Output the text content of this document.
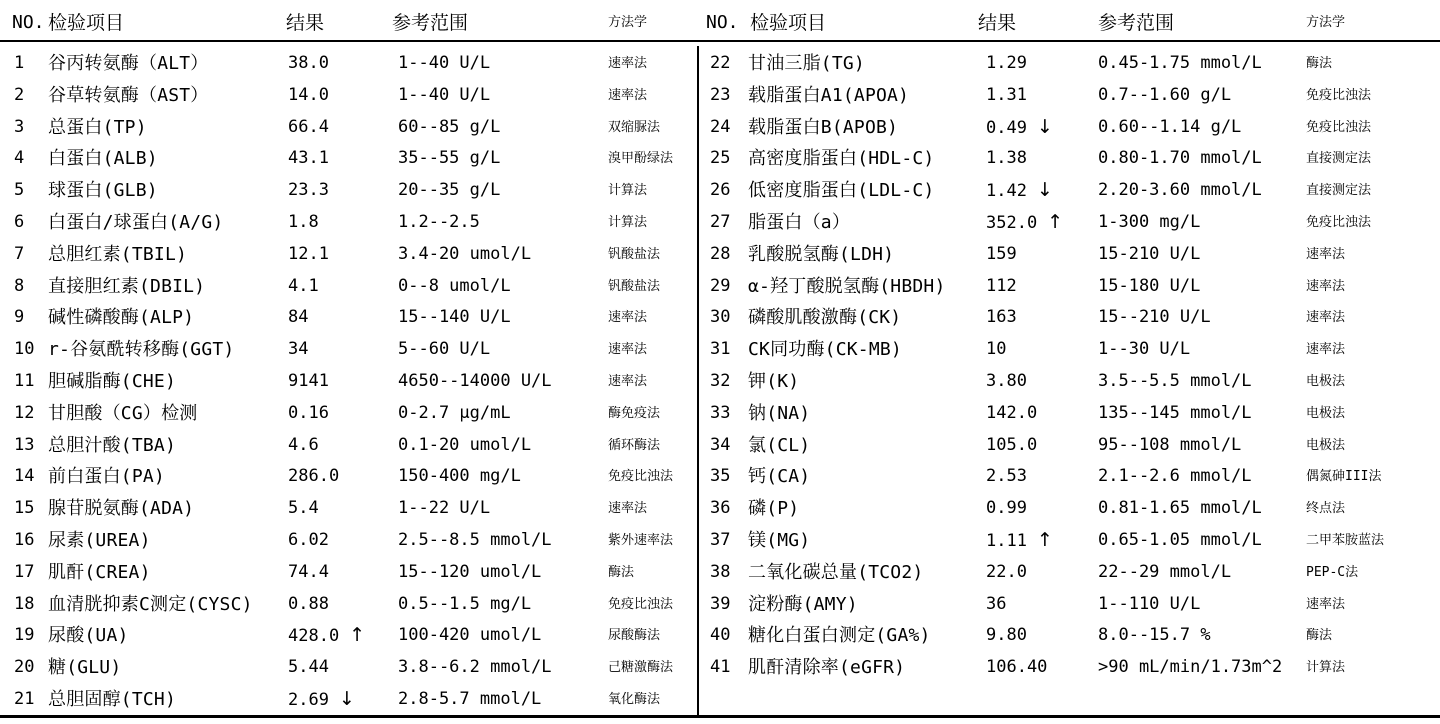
NO. 检验项目	结果	参考范围	方法学	NO. 检验项目	结果	参考范围	方法学
1 谷丙转氨酶（ALT）	38.0	1--40 U/L	速率法
2 谷草转氨酶（AST）	14.0	1--40 U/L	速率法
3 总蛋白(TP)	66.4	60--85 g/L	双缩脲法
4 白蛋白(ALB)	43.1	35--55 g/L	溴甲酚绿法
5 球蛋白(GLB)	23.3	20--35 g/L	计算法
6 白蛋白/球蛋白(A/G)	1.8	1.2--2.5	计算法
7 总胆红素(TBIL)	12.1	3.4-20 umol/L	钒酸盐法
8 直接胆红素(DBIL)	4.1	0--8 umol/L	钒酸盐法
9 碱性磷酸酶(ALP)	84	15--140 U/L	速率法
10 r-谷氨酰转移酶(GGT)	34	5--60 U/L	速率法
11 胆碱脂酶(CHE)	9141	4650--14000 U/L	速率法
12 甘胆酸（CG）检测	0.16	0-2.7 μg/mL	酶免疫法
13 总胆汁酸(TBA)	4.6	0.1-20 umol/L	循环酶法
14 前白蛋白(PA)	286.0	150-400 mg/L	免疫比浊法
15 腺苷脱氨酶(ADA)	5.4	1--22 U/L	速率法
16 尿素(UREA)	6.02	2.5--8.5 mmol/L	紫外速率法
17 肌酐(CREA)	74.4	15--120 umol/L	酶法
18 血清胱抑素C测定(CYSC) 0.88	0.5--1.5 mg/L	免疫比浊法
19 尿酸(UA)	428.0 ↑ 100-420 umol/L	尿酸酶法
20 糖(GLU)	5.44	3.8--6.2 mmol/L	己糖激酶法
21 总胆固醇(TCH)	2.69 ↓	2.8-5.7 mmol/L	氧化酶法
22 甘油三脂(TG)	1.29	0.45-1.75 mmol/L	酶法
23 载脂蛋白A1(APOA)	1.31	0.7--1.60 g/L	免疫比浊法
24 载脂蛋白B(APOB)	0.49 ↓	0.60--1.14 g/L	免疫比浊法
25 高密度脂蛋白(HDL-C)	1.38	0.80-1.70 mmol/L	直接测定法
26 低密度脂蛋白(LDL-C)	1.42 ↓	2.20-3.60 mmol/L	直接测定法
27 脂蛋白（a）	352.0 ↑ 1-300 mg/L	免疫比浊法
28 乳酸脱氢酶(LDH)	159	15-210 U/L	速率法
29 α-羟丁酸脱氢酶(HBDH) 112	15-180 U/L	速率法
30 磷酸肌酸激酶(CK)	163	15--210 U/L	速率法
31 CK同功酶(CK-MB)	10	1--30 U/L	速率法
32 钾(K)	3.80	3.5--5.5 mmol/L	电极法
33 钠(NA)	142.0	135--145 mmol/L	电极法
34 氯(CL)	105.0	95--108 mmol/L	电极法
35 钙(CA)	2.53	2.1--2.6 mmol/L	偶氮砷III法
36 磷(P)	0.99	0.81-1.65 mmol/L	终点法
37 镁(MG)	1.11 ↑	0.65-1.05 mmol/L	二甲苯胺蓝法
38 二氧化碳总量(TCO2)	22.0	22--29 mmol/L	PEP-C法
39 淀粉酶(AMY)	36	1--110 U/L	速率法
40 糖化白蛋白测定(GA%)	9.80	8.0--15.7 %	酶法
41 肌酐清除率(eGFR)	106.40	>90 mL/min/1.73m^2 计算法
